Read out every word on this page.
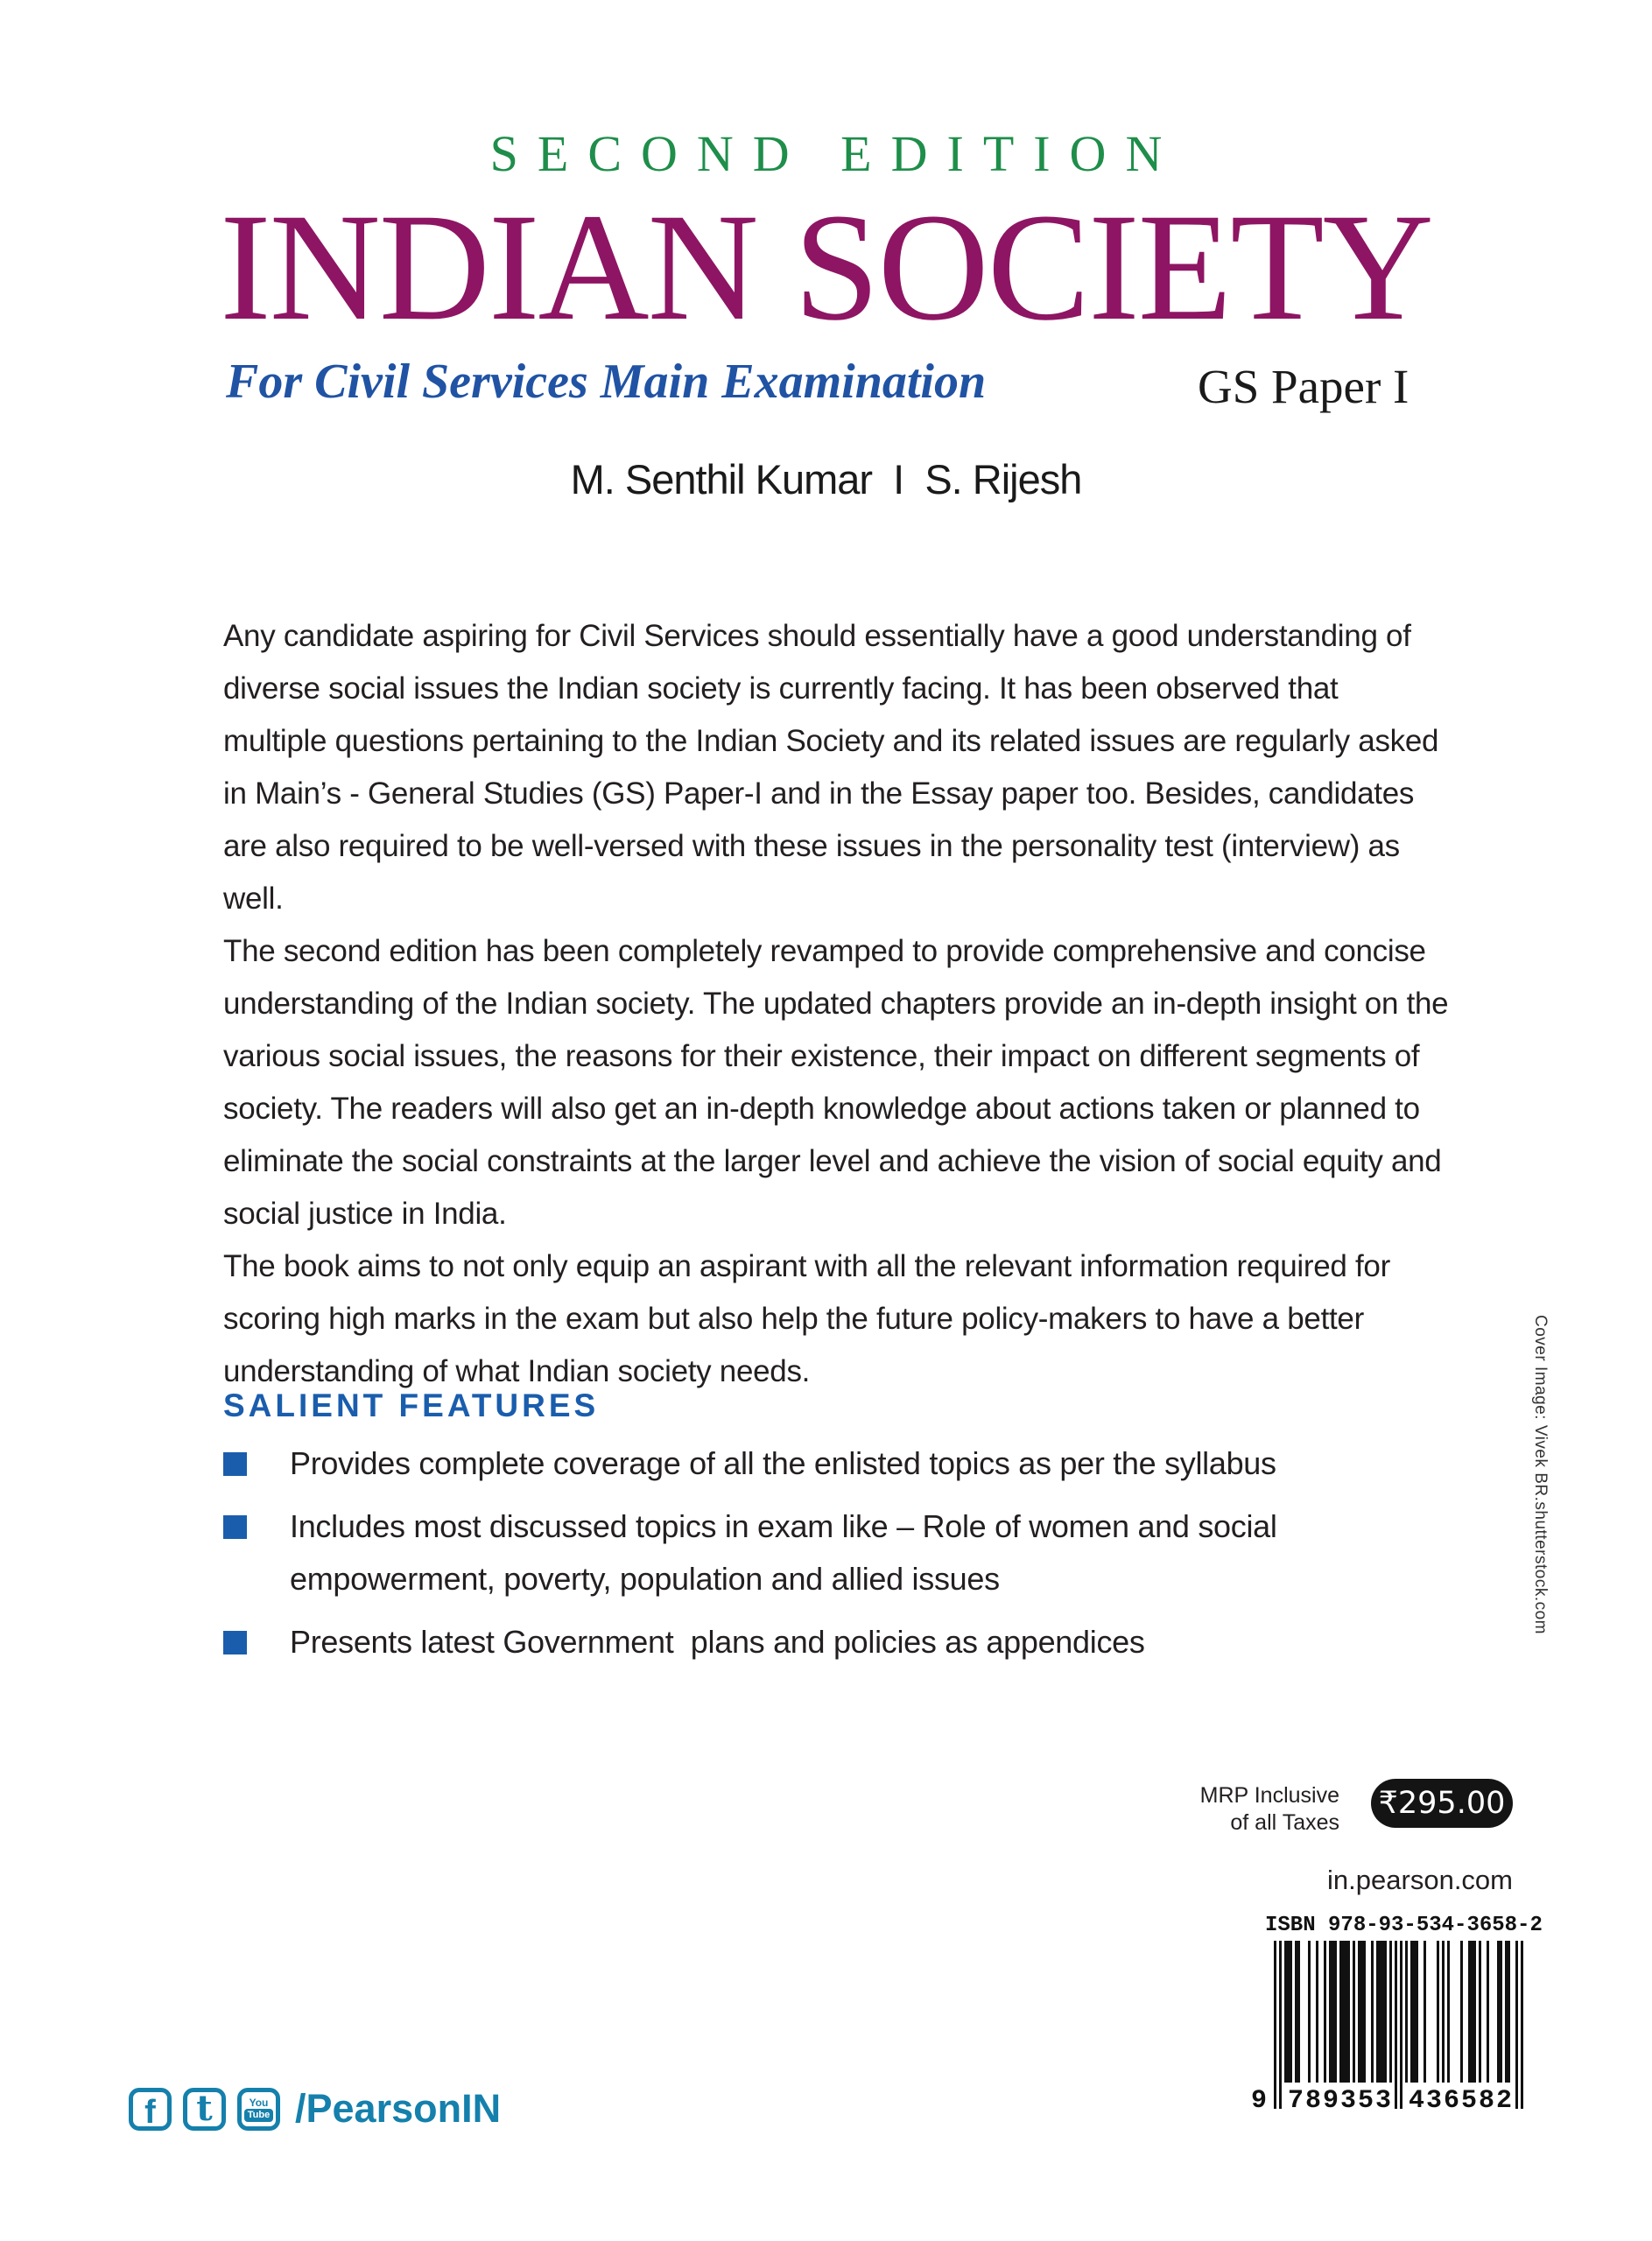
SECOND EDITION
INDIAN SOCIETY
For Civil Services Main Examination	GS Paper I
M. Senthil Kumar  I  S. Rijesh

Any candidate aspiring for Civil Services should essentially have a good understanding of diverse social issues the Indian society is currently facing. It has been observed that multiple questions pertaining to the Indian Society and its related issues are regularly asked in Main’s - General Studies (GS) Paper-I and in the Essay paper too. Besides, candidates are also required to be well-versed with these issues in the personality test (interview) as well.

The second edition has been completely revamped to provide comprehensive and concise understanding of the Indian society. The updated chapters provide an in-depth insight on the various social issues, the reasons for their existence, their impact on different segments of society. The readers will also get an in-depth knowledge about actions taken or planned to eliminate the social constraints at the larger level and achieve the vision of social equity and social justice in India.

The book aims to not only equip an aspirant with all the relevant information required for scoring high marks in the exam but also help the future policy-makers to have a better understanding of what Indian society needs.

SALIENT FEATURES
Provides complete coverage of all the enlisted topics as per the syllabus
Includes most discussed topics in exam like – Role of women and social empowerment, poverty, population and allied issues
Presents latest Government  plans and policies as appendices
Cover Image: Vivek BR.shutterstock.com
MRP Inclusive
of all Taxes
₹295.00
in.pearson.com
ISBN 978-93-534-3658-2
9 789353 436582
f t	You
Tube /PearsonIN
